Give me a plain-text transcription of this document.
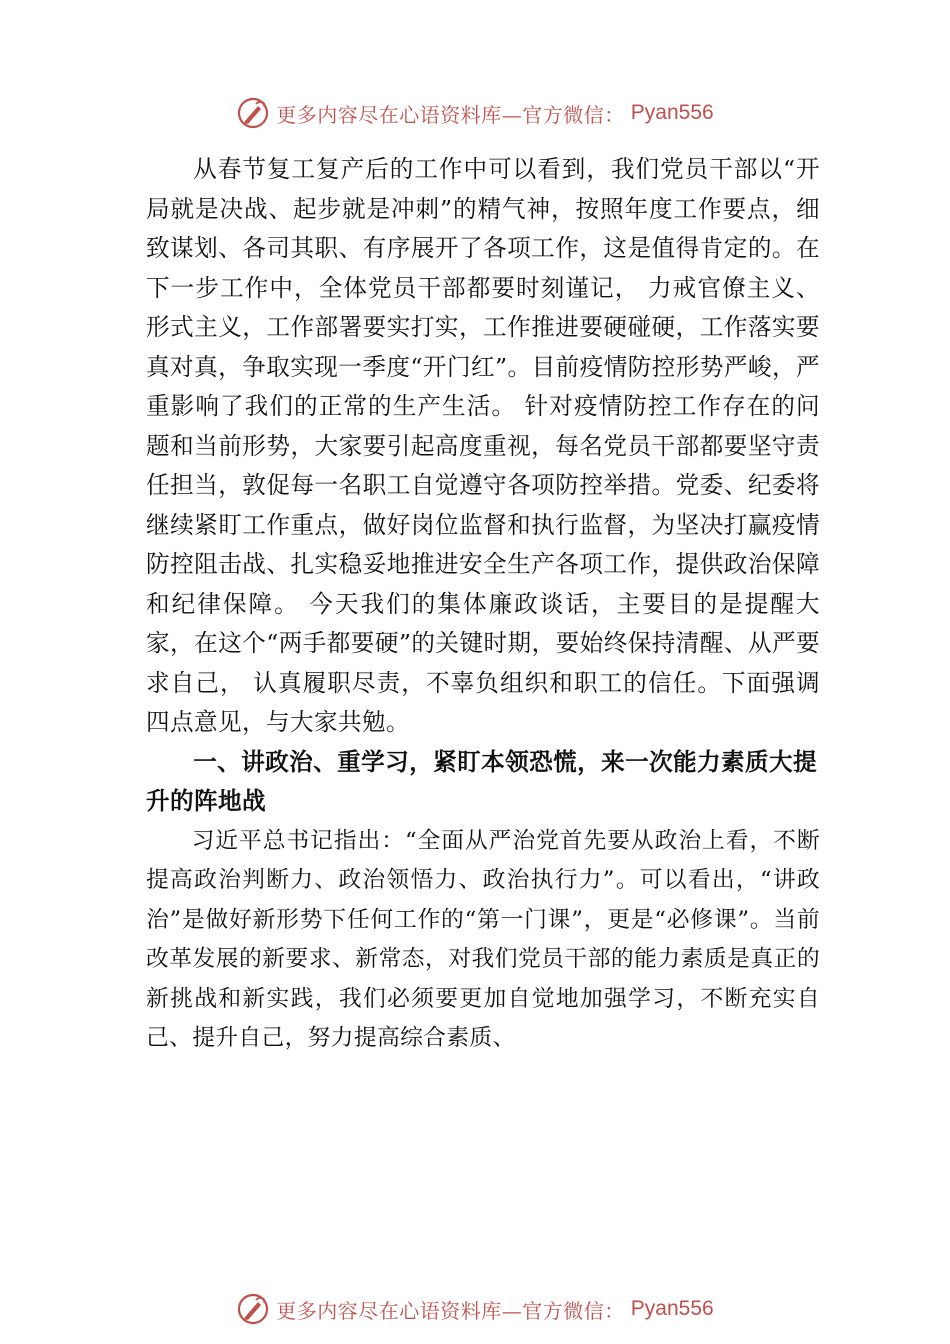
更多内容尽在心语资料库—官方微信： Pyan556

从春节复工复产后的工作中可以看到，我们党员干部以“开局就是决战、起步就是冲刺”的精气神，按照年度工作要点，细致谋划、各司其职、有序展开了各项工作，这是值得肯定的。在下一步工作中，全体党员干部都要时刻谨记， 力戒官僚主义、形式主义，工作部署要实打实，工作推进要硬碰硬，工作落实要真对真，争取实现一季度“开门红”。目前疫情防控形势严峻，严重影响了我们的正常的生产生活。 针对疫情防控工作存在的问题和当前形势，大家要引起高度重视，每名党员干部都要坚守责任担当，敦促每一名职工自觉遵守各项防控举措。党委、纪委将继续紧盯工作重点，做好岗位监督和执行监督，为坚决打赢疫情防控阻击战、扎实稳妥地推进安全生产各项工作，提供政治保障和纪律保障。 今天我们的集体廉政谈话，主要目的是提醒大家，在这个“两手都要硬”的关键时期，要始终保持清醒、从严要求自己， 认真履职尽责，不辜负组织和职工的信任。下面强调四点意见，与大家共勉。

一、讲政治、重学习，紧盯本领恐慌，来一次能力素质大提升的阵地战

习近平总书记指出：“全面从严治党首先要从政治上看，不断提高政治判断力、政治领悟力、政治执行力”。可以看出，“讲政治”是做好新形势下任何工作的“第一门课”，更是“必修课”。当前改革发展的新要求、新常态，对我们党员干部的能力素质是真正的新挑战和新实践，我们必须要更加自觉地加强学习，不断充实自己、提升自己，努力提高综合素质、

更多内容尽在心语资料库—官方微信： Pyan556
